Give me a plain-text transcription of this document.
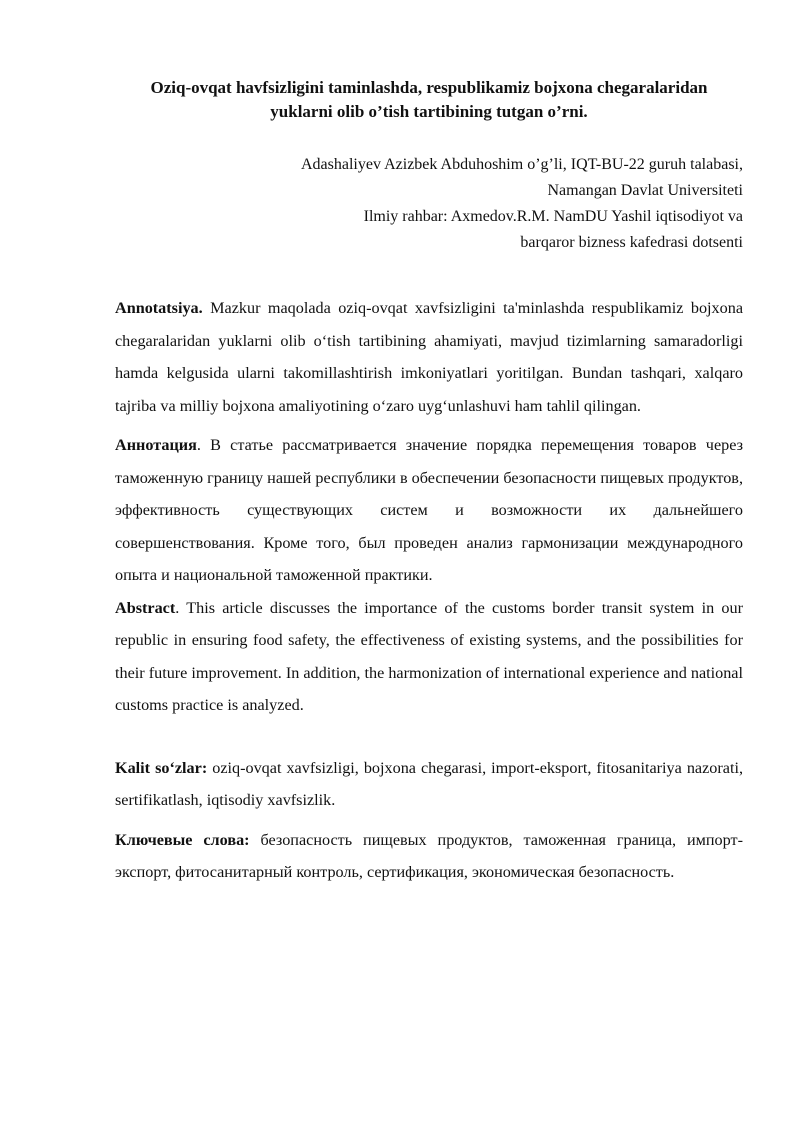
Oziq-ovqat havfsizligini taminlashda, respublikamiz bojxona chegaralaridan
yuklarni olib o’tish tartibining tutgan o’rni.
Adashaliyev Azizbek Abduhoshim o’g’li, IQT-BU-22 guruh talabasi,
Namangan Davlat Universiteti
Ilmiy rahbar: Axmedov.R.M. NamDU Yashil iqtisodiyot va
barqaror bizness kafedrasi dotsenti

Annotatsiya. Mazkur maqolada oziq-ovqat xavfsizligini ta'minlashda respublikamiz bojxona chegaralaridan yuklarni olib o‘tish tartibining ahamiyati, mavjud tizimlarning samaradorligi hamda kelgusida ularni takomillashtirish imkoniyatlari yoritilgan. Bundan tashqari, xalqaro tajriba va milliy bojxona amaliyotining o‘zaro uyg‘unlashuvi ham tahlil qilingan.

Аннотация. В статье рассматривается значение порядка перемещения товаров через таможенную границу нашей республики в обеспечении безопасности пищевых продуктов, эффективность существующих систем и возможности их дальнейшего совершенствования. Кроме того, был проведен анализ гармонизации международного опыта и национальной таможенной практики.

Abstract. This article discusses the importance of the customs border transit system in our republic in ensuring food safety, the effectiveness of existing systems, and the possibilities for their future improvement. In addition, the harmonization of international experience and national customs practice is analyzed.

Kalit so‘zlar: oziq-ovqat xavfsizligi, bojxona chegarasi, import-eksport, fitosanitariya nazorati, sertifikatlash, iqtisodiy xavfsizlik.

Ключевые слова: безопасность пищевых продуктов, таможенная граница, импорт-экспорт, фитосанитарный контроль, сертификация, экономическая безопасность.
